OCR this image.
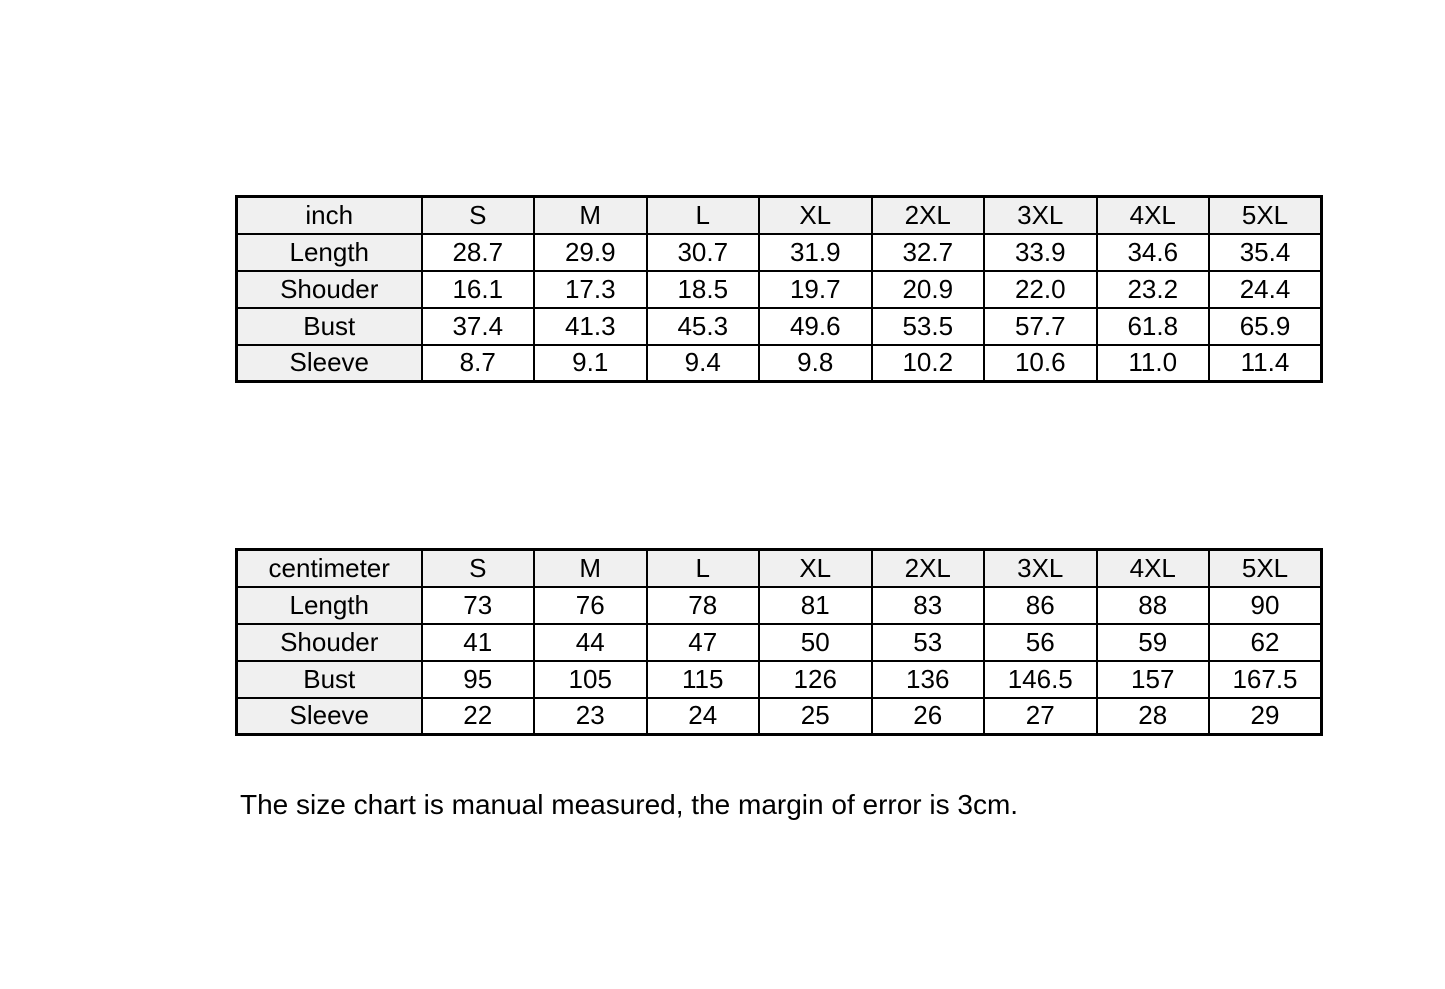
inch	S	M	L	XL	2XL	3XL	4XL	5XL
Length	28.7	29.9	30.7	31.9	32.7	33.9	34.6	35.4
Shouder	16.1	17.3	18.5	19.7	20.9	22.0	23.2	24.4
Bust	37.4	41.3	45.3	49.6	53.5	57.7	61.8	65.9
Sleeve	8.7	9.1	9.4	9.8	10.2	10.6	11.0	11.4
centimeter	S	M	L	XL	2XL	3XL	4XL	5XL
Length	73	76	78	81	83	86	88	90
Shouder	41	44	47	50	53	56	59	62
Bust	95	105	115	126	136	146.5	157	167.5
Sleeve	22	23	24	25	26	27	28	29

The size chart is manual measured, the margin of error is 3cm.
